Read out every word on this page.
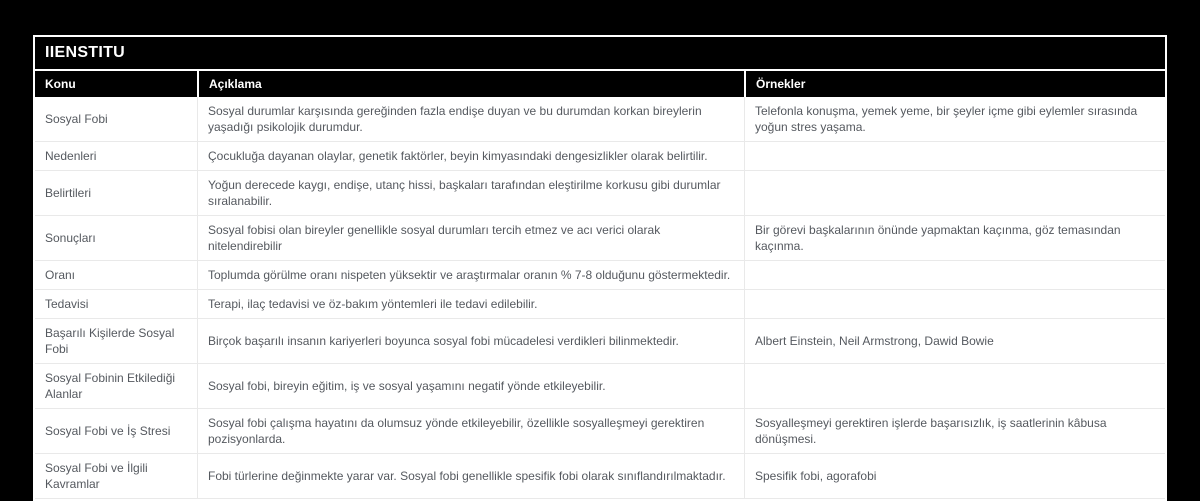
IIENSTITU
Konu	Açıklama	Örnekler
Sosyal Fobi	Sosyal durumlar karşısında gereğinden fazla endişe duyan ve bu durumdan korkan bireylerin yaşadığı psikolojik durumdur.	Telefonla konuşma, yemek yeme, bir şeyler içme gibi eylemler sırasında yoğun stres yaşama.
Nedenleri	Çocukluğa dayanan olaylar, genetik faktörler, beyin kimyasındaki dengesizlikler olarak belirtilir.	
Belirtileri	Yoğun derecede kaygı, endişe, utanç hissi, başkaları tarafından eleştirilme korkusu gibi durumlar sıralanabilir.	
Sonuçları	Sosyal fobisi olan bireyler genellikle sosyal durumları tercih etmez ve acı verici olarak nitelendirebilir	Bir görevi başkalarının önünde yapmaktan kaçınma, göz temasından kaçınma.
Oranı	Toplumda görülme oranı nispeten yüksektir ve araştırmalar oranın % 7-8 olduğunu göstermektedir.	
Tedavisi	Terapi, ilaç tedavisi ve öz-bakım yöntemleri ile tedavi edilebilir.	
Başarılı Kişilerde Sosyal Fobi	Birçok başarılı insanın kariyerleri boyunca sosyal fobi mücadelesi verdikleri bilinmektedir.	Albert Einstein, Neil Armstrong, Dawid Bowie
Sosyal Fobinin Etkilediği Alanlar	Sosyal fobi, bireyin eğitim, iş ve sosyal yaşamını negatif yönde etkileyebilir.	
Sosyal Fobi ve İş Stresi	Sosyal fobi çalışma hayatını da olumsuz yönde etkileyebilir, özellikle sosyalleşmeyi gerektiren pozisyonlarda.	Sosyalleşmeyi gerektiren işlerde başarısızlık, iş saatlerinin kâbusa dönüşmesi.
Sosyal Fobi ve İlgili Kavramlar	Fobi türlerine değinmekte yarar var. Sosyal fobi genellikle spesifik fobi olarak sınıflandırılmaktadır.	Spesifik fobi, agorafobi
